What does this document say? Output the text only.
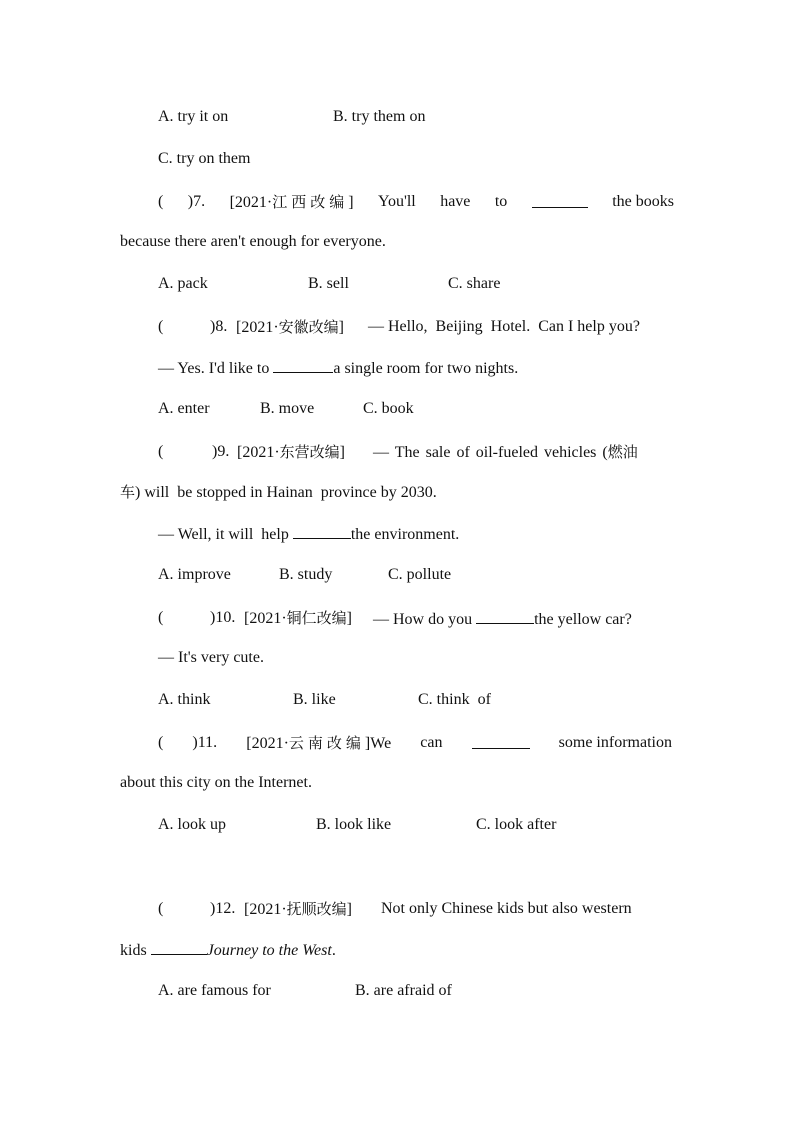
A. try it on	B. try them on
C. try on them
( )7. [2021·江西改编] You'll have to	the books
because there aren't enough for everyone.
A. pack	B. sell	C. share
(	)8. [2021·安徽改编] — Hello,  Beijing  Hotel.  Can I help you?
— Yes. I'd like to	a single room for two nights.
A. enter	B. move	C. book
(	)9. [2021·东营改编] — The sale of oil-fueled vehicles (燃油
车) will  be stopped in Hainan  province by 2030.
— Well, it will  help	the environment.
A. improve	B. study	C. pollute
(	)10. [2021·铜仁改编] — How do you	the yellow car?
— It's very cute.
A. think	B. like	C. think  of
( )11. [2021·云南改编]We can	some information
about this city on the Internet.
A. look up	B. look like	C. look after
(	)12. [2021·抚顺改编] Not only Chinese kids but also western
kids	Journey to the West.
A. are famous for	B. are afraid of
